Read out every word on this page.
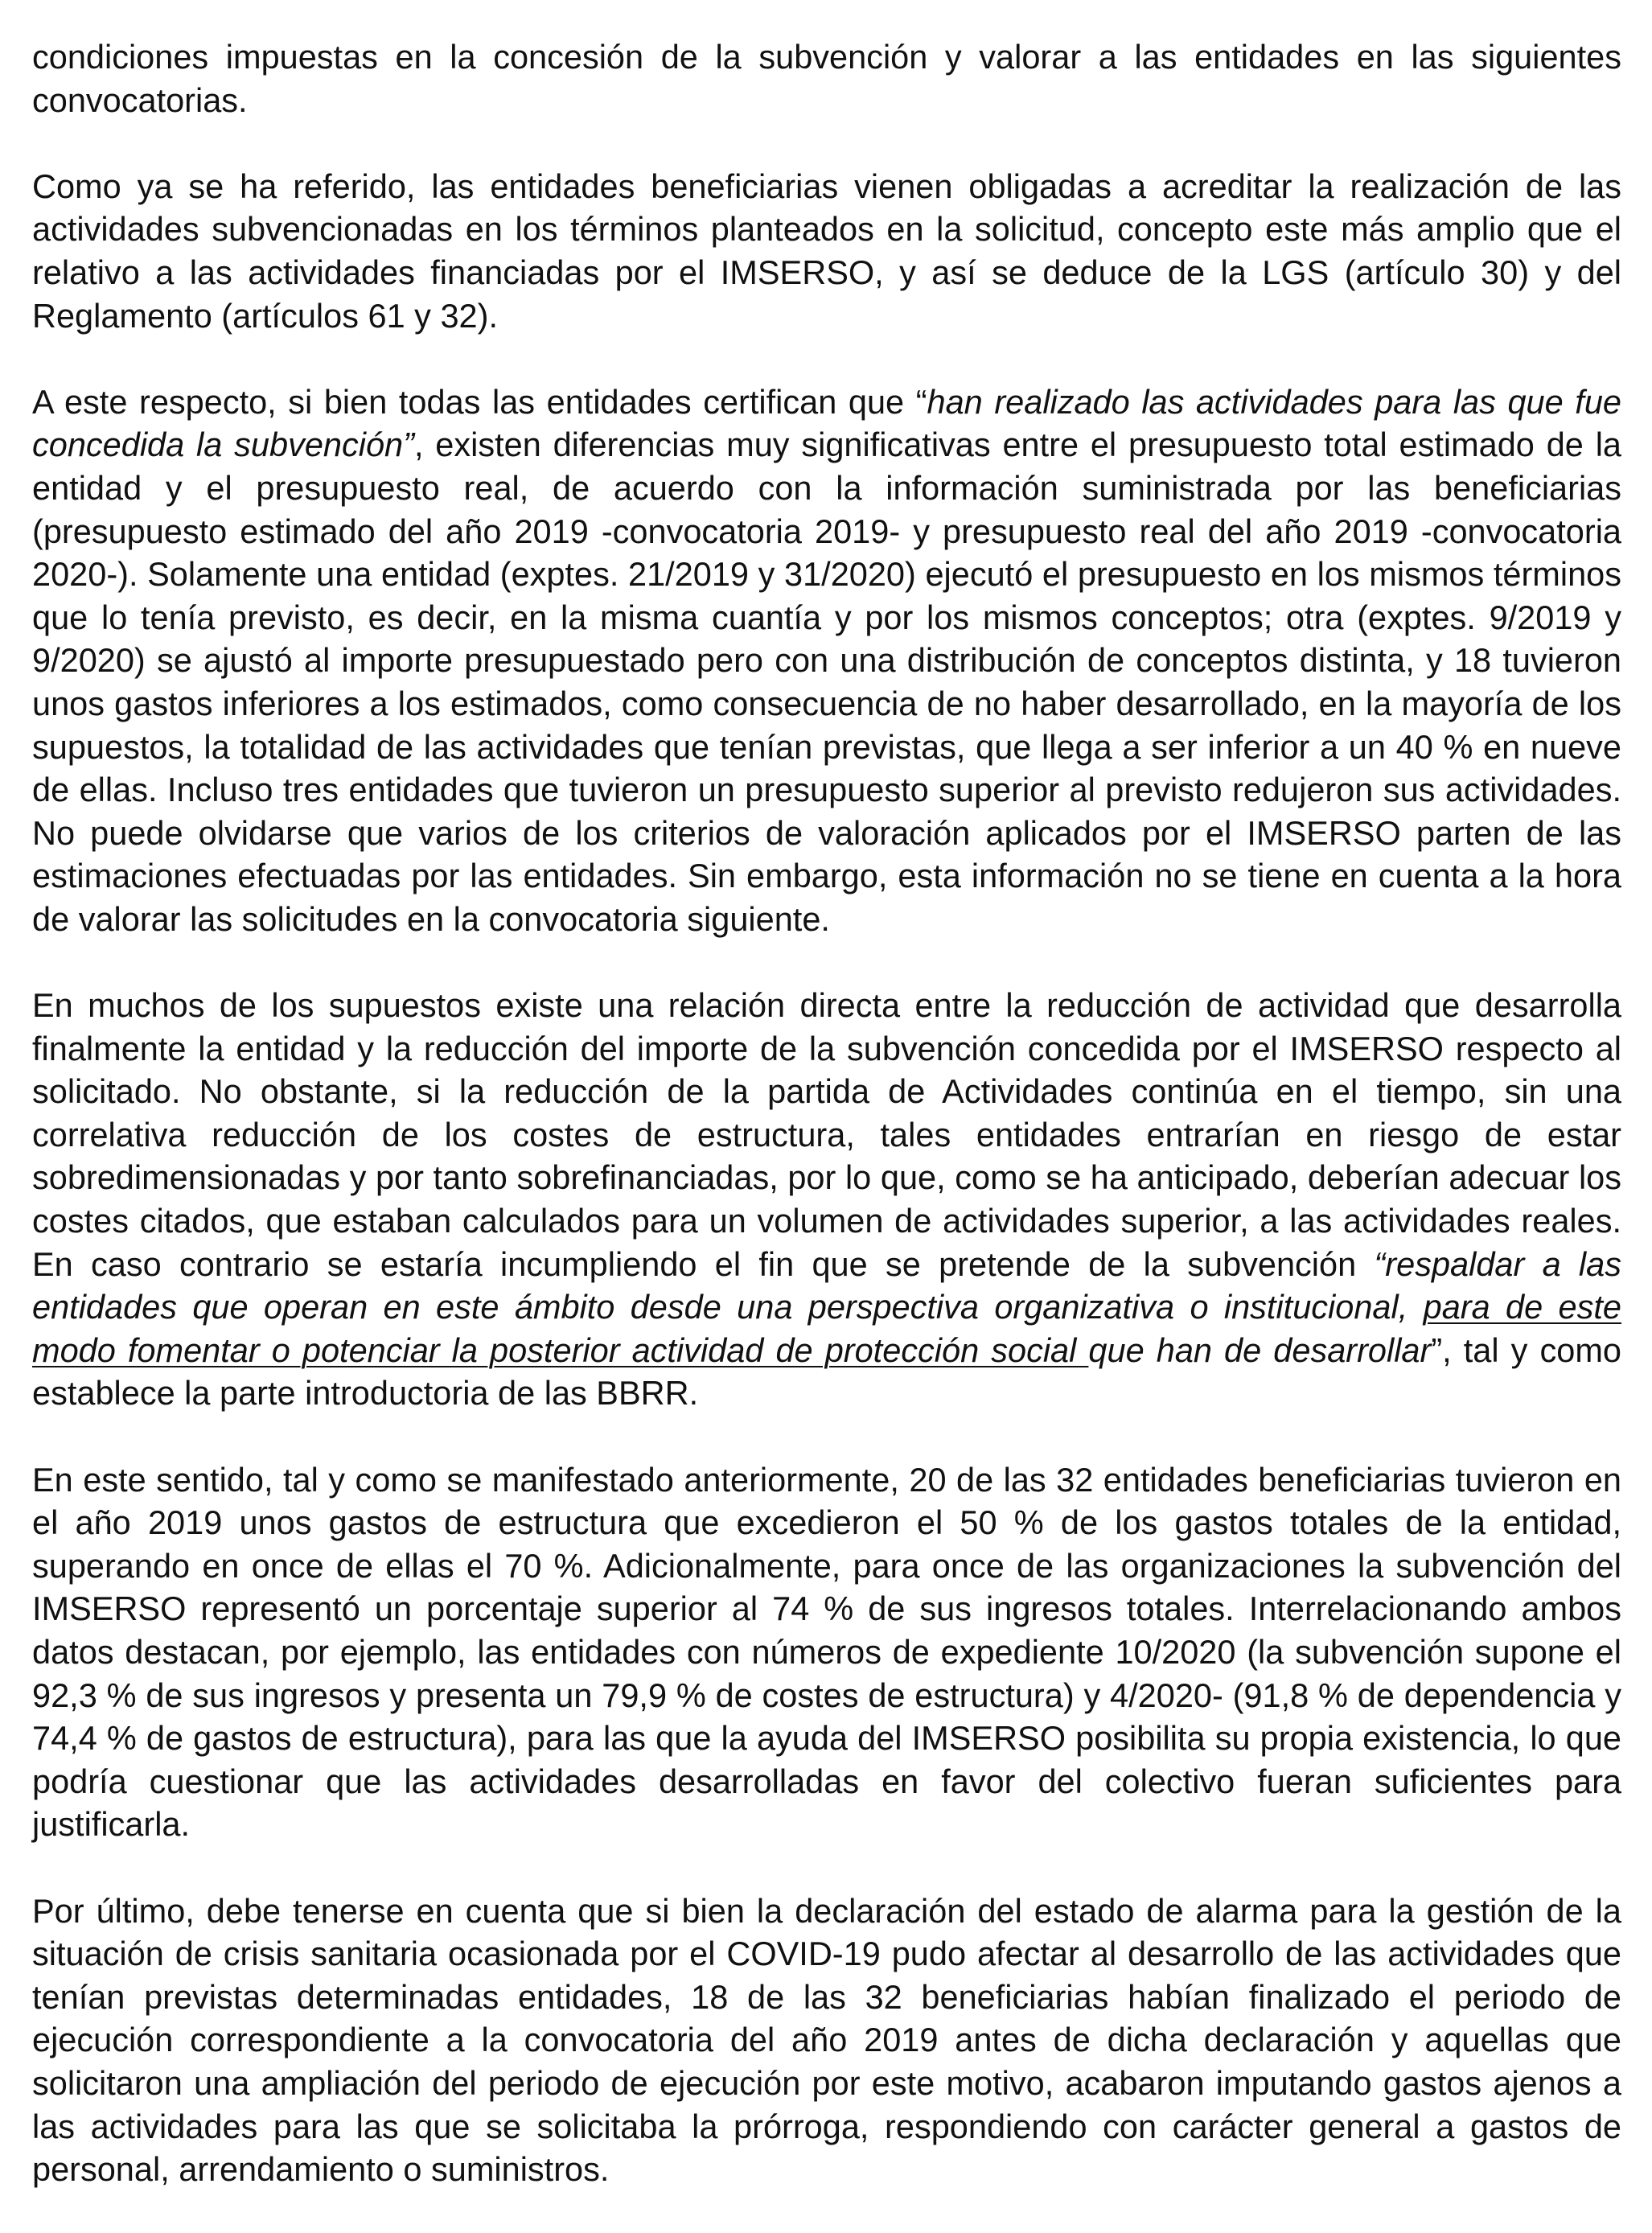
condiciones impuestas en la concesión de la subvención y valorar a las entidades en las siguientes convocatorias.

Como ya se ha referido, las entidades beneficiarias vienen obligadas a acreditar la realización de las actividades subvencionadas en los términos planteados en la solicitud, concepto este más amplio que el relativo a las actividades financiadas por el IMSERSO, y así se deduce de la LGS (artículo 30) y del Reglamento (artículos 61 y 32).

A este respecto, si bien todas las entidades certifican que “han realizado las actividades para las que fue concedida la subvención”, existen diferencias muy significativas entre el presupuesto total estimado de la entidad y el presupuesto real, de acuerdo con la información suministrada por las beneficiarias (presupuesto estimado del año 2019 -convocatoria 2019- y presupuesto real del año 2019 -convocatoria 2020-). Solamente una entidad (exptes. 21/2019 y 31/2020) ejecutó el presupuesto en los mismos términos que lo tenía previsto, es decir, en la misma cuantía y por los mismos conceptos; otra (exptes. 9/2019 y 9/2020) se ajustó al importe presupuestado pero con una distribución de conceptos distinta, y 18 tuvieron unos gastos inferiores a los estimados, como consecuencia de no haber desarrollado, en la mayoría de los supuestos, la totalidad de las actividades que tenían previstas, que llega a ser inferior a un 40 % en nueve de ellas. Incluso tres entidades que tuvieron un presupuesto superior al previsto redujeron sus actividades. No puede olvidarse que varios de los criterios de valoración aplicados por el IMSERSO parten de las estimaciones efectuadas por las entidades. Sin embargo, esta información no se tiene en cuenta a la hora de valorar las solicitudes en la convocatoria siguiente.

En muchos de los supuestos existe una relación directa entre la reducción de actividad que desarrolla finalmente la entidad y la reducción del importe de la subvención concedida por el IMSERSO respecto al solicitado. No obstante, si la reducción de la partida de Actividades continúa en el tiempo, sin una correlativa reducción de los costes de estructura, tales entidades entrarían en riesgo de estar sobredimensionadas y por tanto sobrefinanciadas, por lo que, como se ha anticipado, deberían adecuar los costes citados, que estaban calculados para un volumen de actividades superior, a las actividades reales. En caso contrario se estaría incumpliendo el fin que se pretende de la subvención “respaldar a las entidades que operan en este ámbito desde una perspectiva organizativa o institucional, para de este modo fomentar o potenciar la posterior actividad de protección social que han de desarrollar”, tal y como establece la parte introductoria de las BBRR.

En este sentido, tal y como se manifestado anteriormente, 20 de las 32 entidades beneficiarias tuvieron en el año 2019 unos gastos de estructura que excedieron el 50 % de los gastos totales de la entidad, superando en once de ellas el 70 %. Adicionalmente, para once de las organizaciones la subvención del IMSERSO representó un porcentaje superior al 74 % de sus ingresos totales. Interrelacionando ambos datos destacan, por ejemplo, las entidades con números de expediente 10/2020 (la subvención supone el 92,3 % de sus ingresos y presenta un 79,9 % de costes de estructura) y 4/2020- (91,8 % de dependencia y 74,4 % de gastos de estructura), para las que la ayuda del IMSERSO posibilita su propia existencia, lo que podría cuestionar que las actividades desarrolladas en favor del colectivo fueran suficientes para justificarla.

Por último, debe tenerse en cuenta que si bien la declaración del estado de alarma para la gestión de la situación de crisis sanitaria ocasionada por el COVID-19 pudo afectar al desarrollo de las actividades que tenían previstas determinadas entidades, 18 de las 32 beneficiarias habían finalizado el periodo de ejecución correspondiente a la convocatoria del año 2019 antes de dicha declaración y aquellas que solicitaron una ampliación del periodo de ejecución por este motivo, acabaron imputando gastos ajenos a las actividades para las que se solicitaba la prórroga, respondiendo con carácter general a gastos de personal, arrendamiento o suministros.
